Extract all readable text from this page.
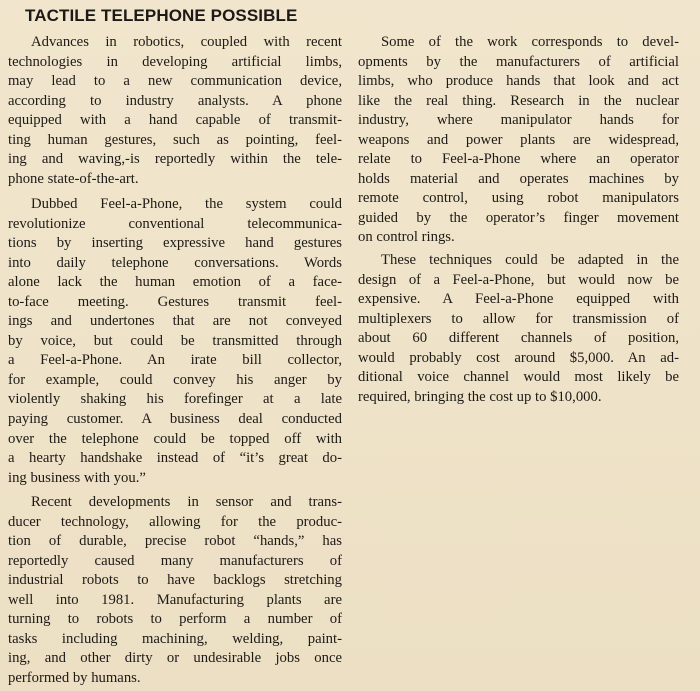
TACTILE TELEPHONE POSSIBLE

Advances in robotics, coupled with recent
technologies in developing artificial limbs,
may lead to a new communication device,
according to industry analysts. A phone
equipped with a hand capable of transmit-
ting human gestures, such as pointing, feel-
ing and waving,-is reportedly within the tele-
phone state-of-the-art.

Dubbed Feel-a-Phone, the system could
revolutionize conventional telecommunica-
tions by inserting expressive hand gestures
into daily telephone conversations. Words
alone lack the human emotion of a face-
to-face meeting. Gestures transmit feel-
ings and undertones that are not conveyed
by voice, but could be transmitted through
a Feel-a-Phone. An irate bill collector,
for example, could convey his anger by
violently shaking his forefinger at a late
paying customer. A business deal conducted
over the telephone could be topped off with
a hearty handshake instead of “it’s great do-
ing business with you.”

Recent developments in sensor and trans-
ducer technology, allowing for the produc-
tion of durable, precise robot “hands,” has
reportedly caused many manufacturers of
industrial robots to have backlogs stretching
well into 1981. Manufacturing plants are
turning to robots to perform a number of
tasks including machining, welding, paint-
ing, and other dirty or undesirable jobs once
performed by humans.

Some of the work corresponds to devel-
opments by the manufacturers of artificial
limbs, who produce hands that look and act
like the real thing. Research in the nuclear
industry, where manipulator hands for
weapons and power plants are widespread,
relate to Feel-a-Phone where an operator
holds material and operates machines by
remote control, using robot manipulators
guided by the operator’s finger movement
on control rings.

These techniques could be adapted in the
design of a Feel-a-Phone, but would now be
expensive. A Feel-a-Phone equipped with
multiplexers to allow for transmission of
about 60 different channels of position,
would probably cost around $5,000. An ad-
ditional voice channel would most likely be
required, bringing the cost up to $10,000.
